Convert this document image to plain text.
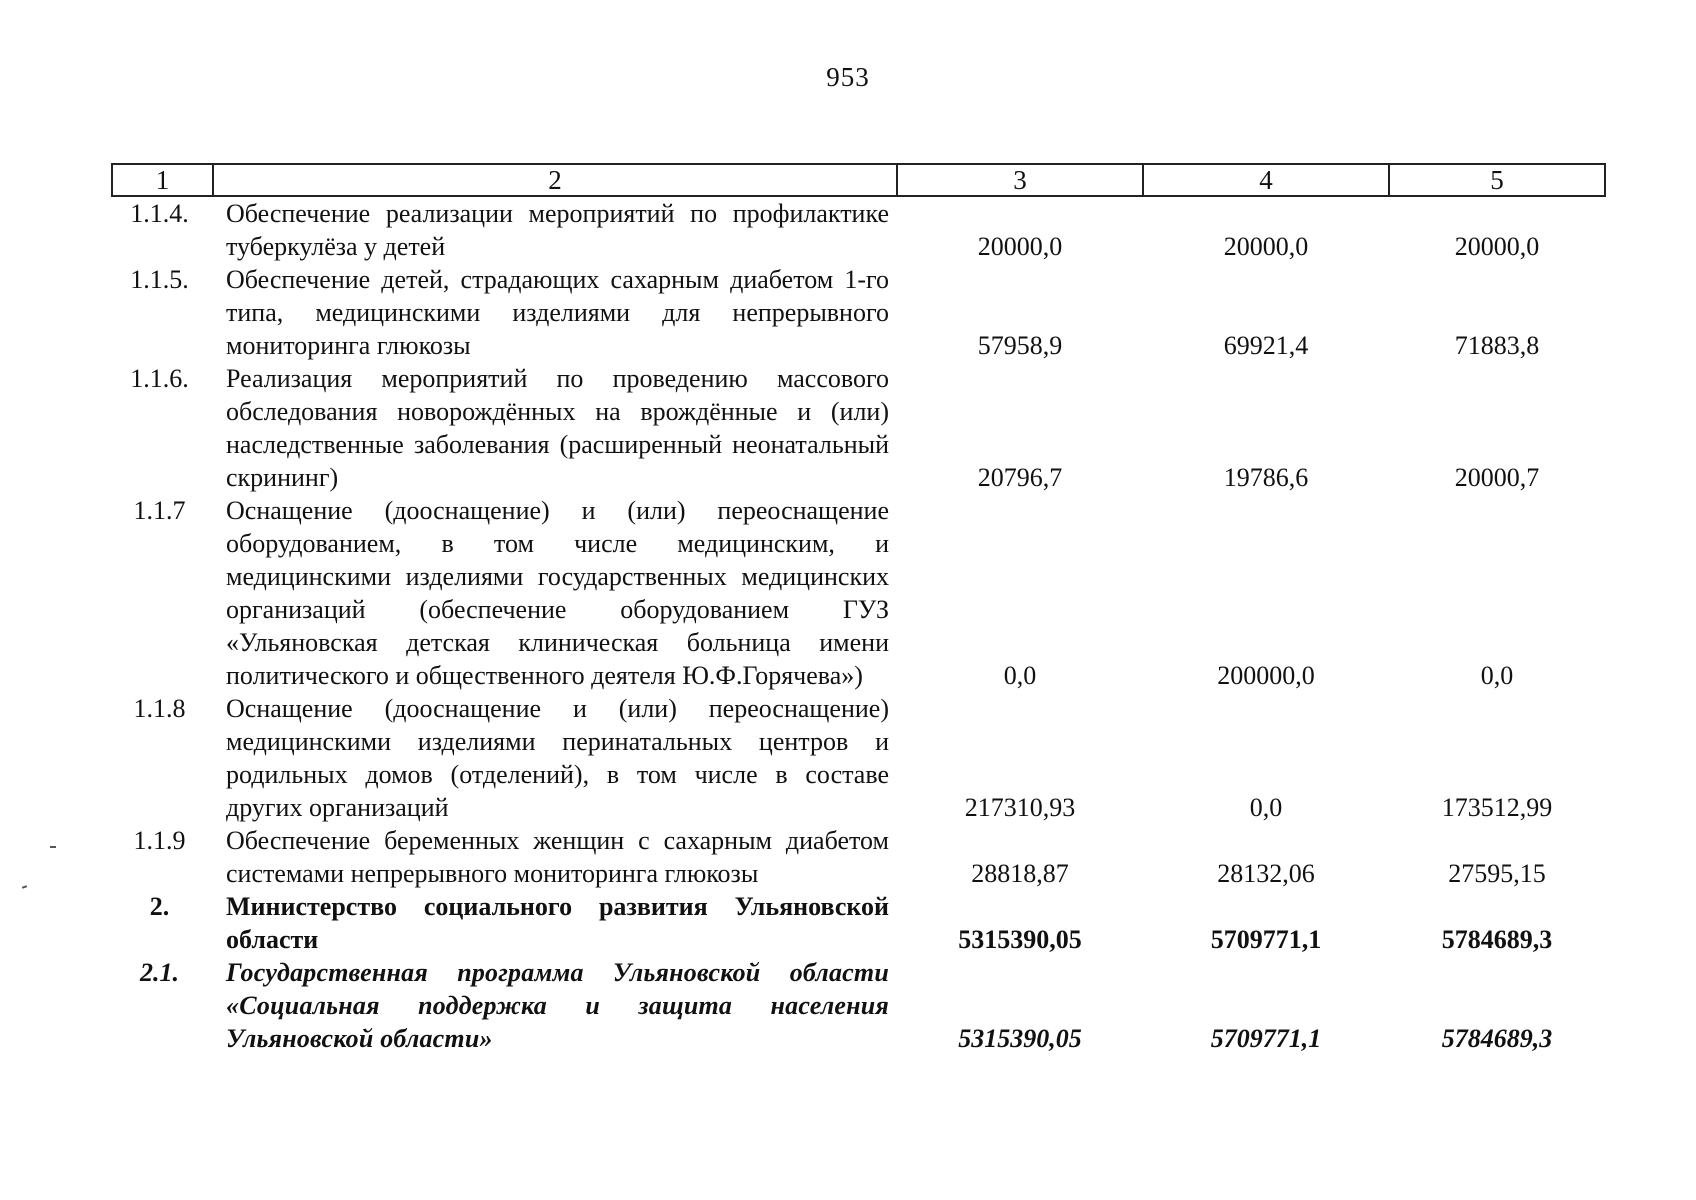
953
1	2	3	4	5
1.1.4.	Обеспечение реализации мероприятий по профилактике туберкулёза у детей	20000,0	20000,0	20000,0
1.1.5.	Обеспечение детей, страдающих сахарным диабетом 1-го типа, медицинскими изделиями для непрерывного мониторинга глюкозы	57958,9	69921,4	71883,8
1.1.6.	Реализация мероприятий по проведению массового обследования новорождённых на врождённые и (или) наследственные заболевания (расширенный неонатальный скрининг)	20796,7	19786,6	20000,7
1.1.7	Оснащение (дооснащение) и (или) переоснащение оборудованием, в том числе медицинским, и медицинскими изделиями государственных медицинских организаций (обеспечение оборудованием ГУЗ «Ульяновская детская клиническая больница имени политического и общественного деятеля Ю.Ф.Горячева»)	0,0	200000,0	0,0
1.1.8	Оснащение (дооснащение и (или) переоснащение) медицинскими изделиями перинатальных центров и родильных домов (отделений), в том числе в составе других организаций	217310,93	0,0	173512,99
1.1.9	Обеспечение беременных женщин с сахарным диабетом системами непрерывного мониторинга глюкозы	28818,87	28132,06	27595,15
2.	Министерство социального развития Ульяновской области	5315390,05	5709771,1	5784689,3
2.1.	Государственная программа Ульяновской области «Социальная поддержка и защита населения Ульяновской области»	5315390,05	5709771,1	5784689,3
